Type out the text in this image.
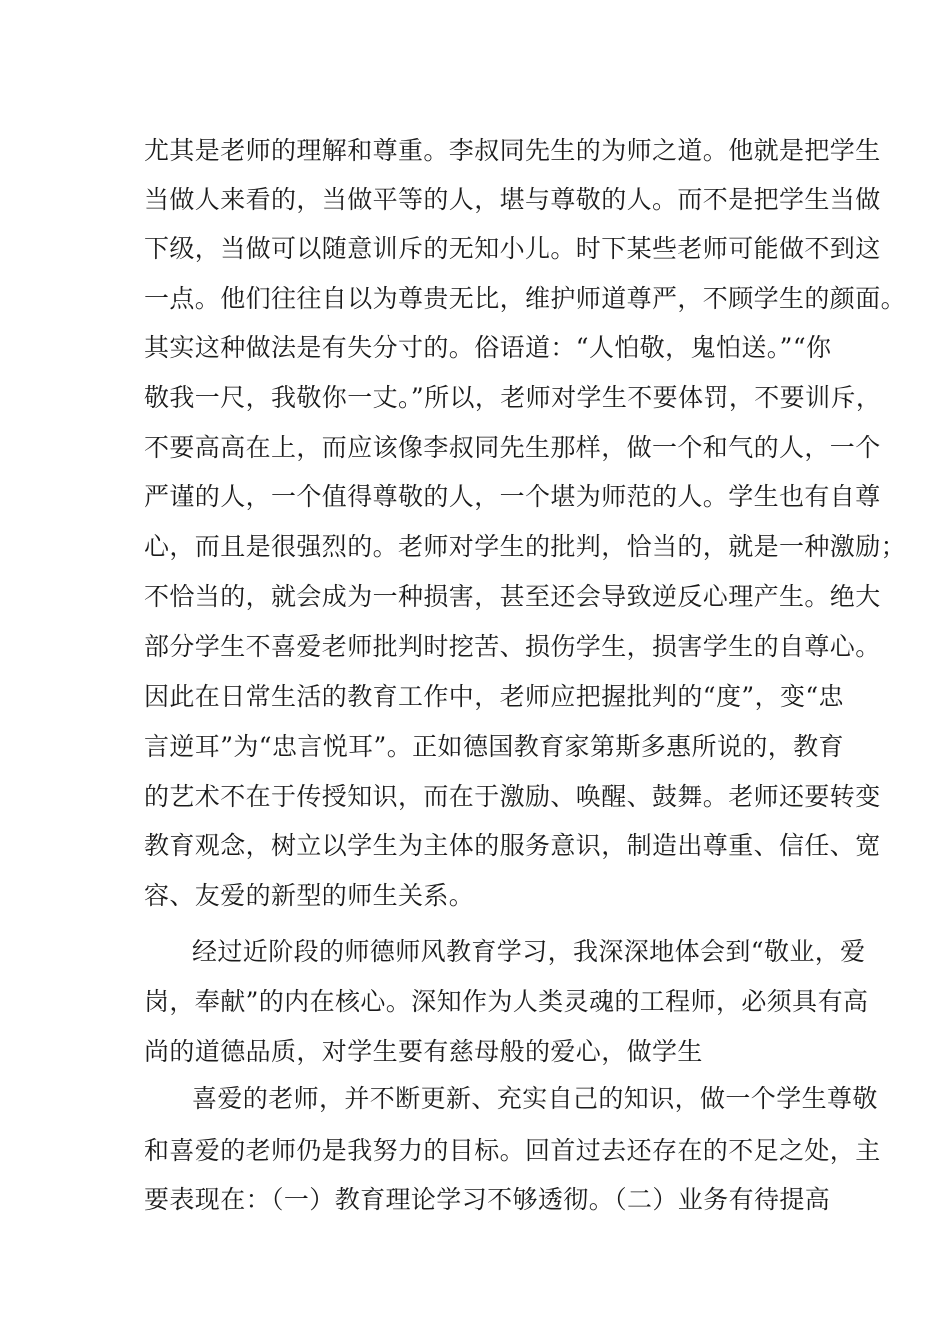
尤其是老师的理解和尊重。李叔同先生的为师之道。他就是把学生
当做人来看的，当做平等的人，堪与尊敬的人。而不是把学生当做
下级，当做可以随意训斥的无知小儿。时下某些老师可能做不到这
一点。他们往往自以为尊贵无比，维护师道尊严，不顾学生的颜面。
其实这种做法是有失分寸的。俗语道：“人怕敬，鬼怕送。”“你
敬我一尺，我敬你一丈。”所以，老师对学生不要体罚，不要训斥，
不要高高在上，而应该像李叔同先生那样，做一个和气的人，一个
严谨的人，一个值得尊敬的人，一个堪为师范的人。学生也有自尊
心，而且是很强烈的。老师对学生的批判，恰当的，就是一种激励；
不恰当的，就会成为一种损害，甚至还会导致逆反心理产生。绝大
部分学生不喜爱老师批判时挖苦、损伤学生，损害学生的自尊心。
因此在日常生活的教育工作中，老师应把握批判的“度”，变“忠
言逆耳”为“忠言悦耳”。正如德国教育家第斯多惠所说的，教育
的艺术不在于传授知识，而在于激励、唤醒、鼓舞。老师还要转变
教育观念，树立以学生为主体的服务意识，制造出尊重、信任、宽
容、友爱的新型的师生关系。
经过近阶段的师德师风教育学习，我深深地体会到“敬业，爱
岗，奉献”的内在核心。深知作为人类灵魂的工程师，必须具有高
尚的道德品质，对学生要有慈母般的爱心，做学生
喜爱的老师，并不断更新、充实自己的知识，做一个学生尊敬
和喜爱的老师仍是我努力的目标。回首过去还存在的不足之处，主
要表现在：（一）教育理论学习不够透彻。（二）业务有待提高
